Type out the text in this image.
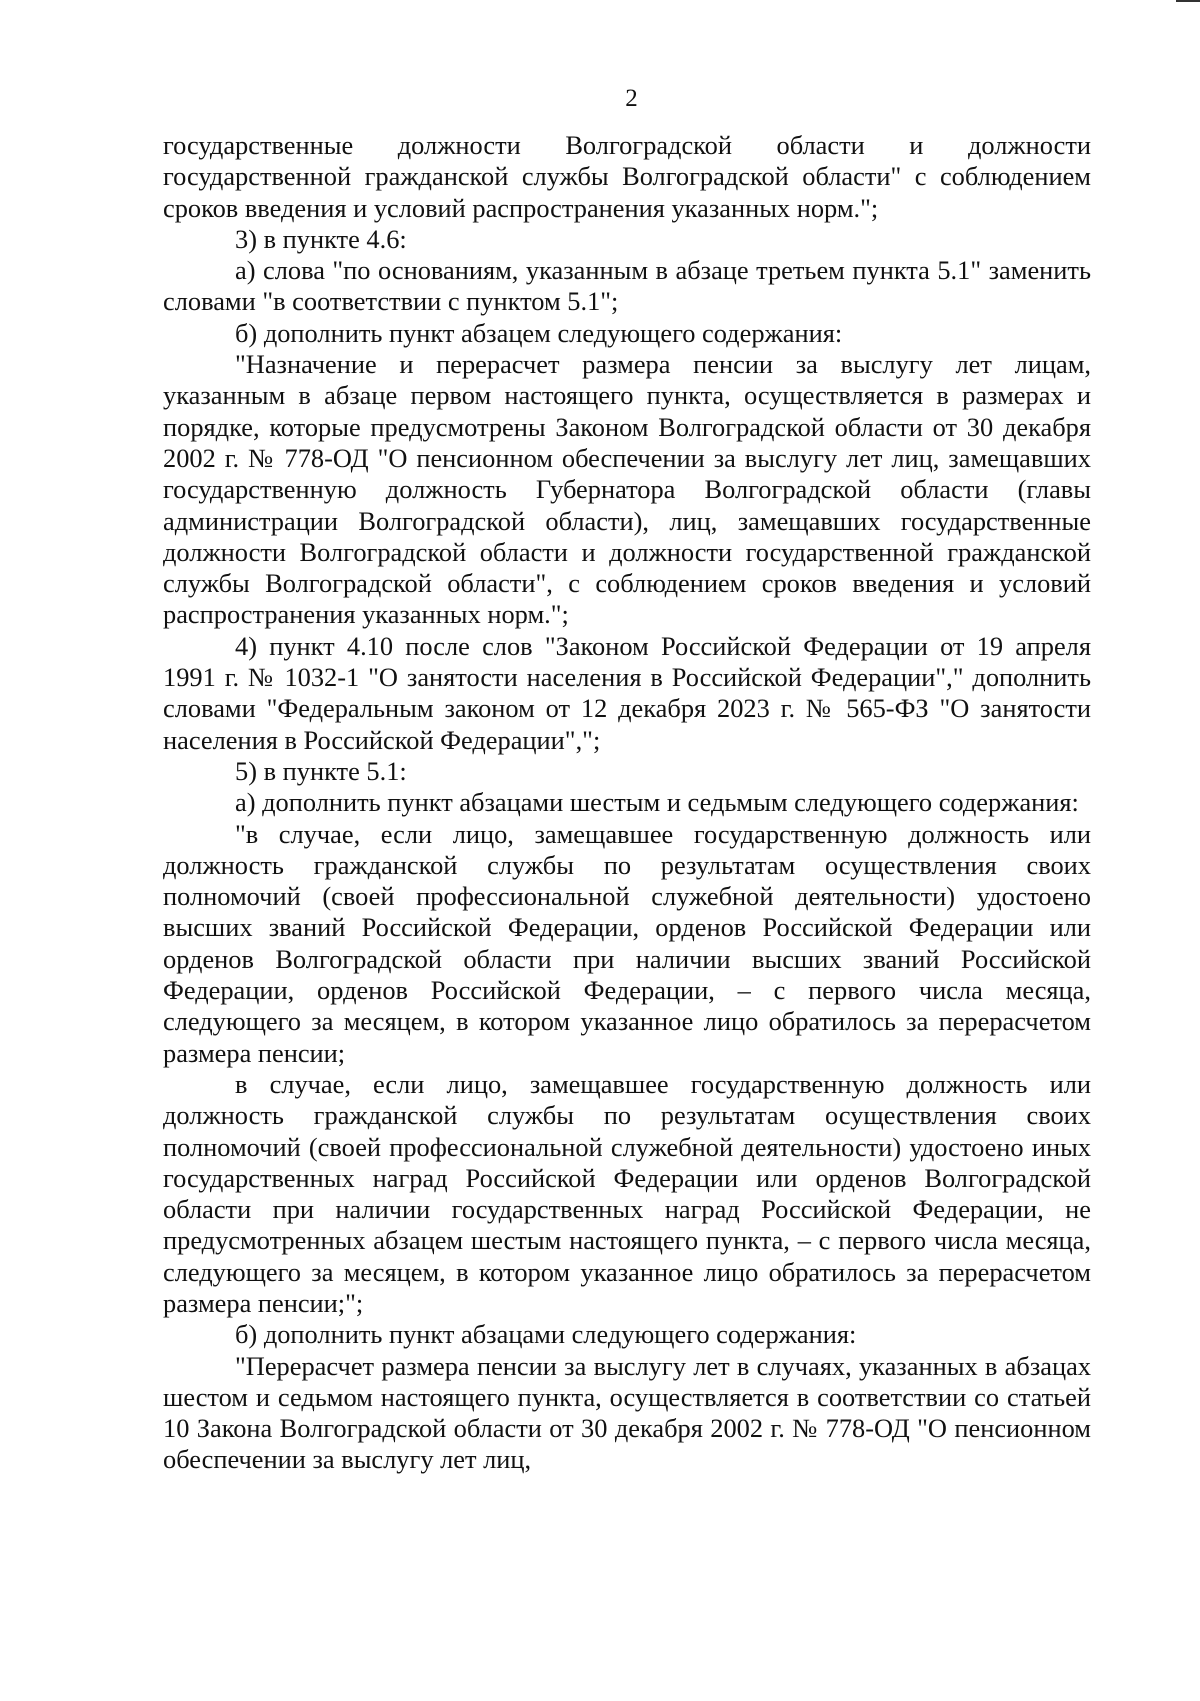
2

государственные должности Волгоградской области и должности государственной гражданской службы Волгоградской области" с соблюдением сроков введения и условий распространения указанных норм.";

3) в пункте 4.6:

а) слова "по основаниям, указанным в абзаце третьем пункта 5.1" заменить словами "в соответствии с пунктом 5.1";

б) дополнить пункт абзацем следующего содержания:

"Назначение и перерасчет размера пенсии за выслугу лет лицам, указанным в абзаце первом настоящего пункта, осуществляется в размерах и порядке, которые предусмотрены Законом Волгоградской области от 30 декабря 2002 г. № 778-ОД "О пенсионном обеспечении за выслугу лет лиц, замещавших государственную должность Губернатора Волгоградской области (главы администрации Волгоградской области), лиц, замещавших государственные должности Волгоградской области и должности государственной гражданской службы Волгоградской области", с соблюдением сроков введения и условий распространения указанных норм.";

4) пункт 4.10 после слов "Законом Российской Федерации от 19 апреля 1991 г. № 1032-1 "О занятости населения в Российской Федерации"," дополнить словами "Федеральным законом от 12 декабря 2023 г. № 565-ФЗ "О занятости населения в Российской Федерации",";

5) в пункте 5.1:

а) дополнить пункт абзацами шестым и седьмым следующего содержания:

"в случае, если лицо, замещавшее государственную должность или должность гражданской службы по результатам осуществления своих полномочий (своей профессиональной служебной деятельности) удостоено высших званий Российской Федерации, орденов Российской Федерации или орденов Волгоградской области при наличии высших званий Российской Федерации, орденов Российской Федерации, – с первого числа месяца, следующего за месяцем, в котором указанное лицо обратилось за перерасчетом размера пенсии;

в случае, если лицо, замещавшее государственную должность или должность гражданской службы по результатам осуществления своих полномочий (своей профессиональной служебной деятельности) удостоено иных государственных наград Российской Федерации или орденов Волгоградской области при наличии государственных наград Российской Федерации, не предусмотренных абзацем шестым настоящего пункта, – с первого числа месяца, следующего за месяцем, в котором указанное лицо обратилось за перерасчетом размера пенсии;";

б) дополнить пункт абзацами следующего содержания:

"Перерасчет размера пенсии за выслугу лет в случаях, указанных в абзацах шестом и седьмом настоящего пункта, осуществляется в соответствии со статьей 10 Закона Волгоградской области от 30 декабря 2002 г. № 778-ОД "О пенсионном обеспечении за выслугу лет лиц,
